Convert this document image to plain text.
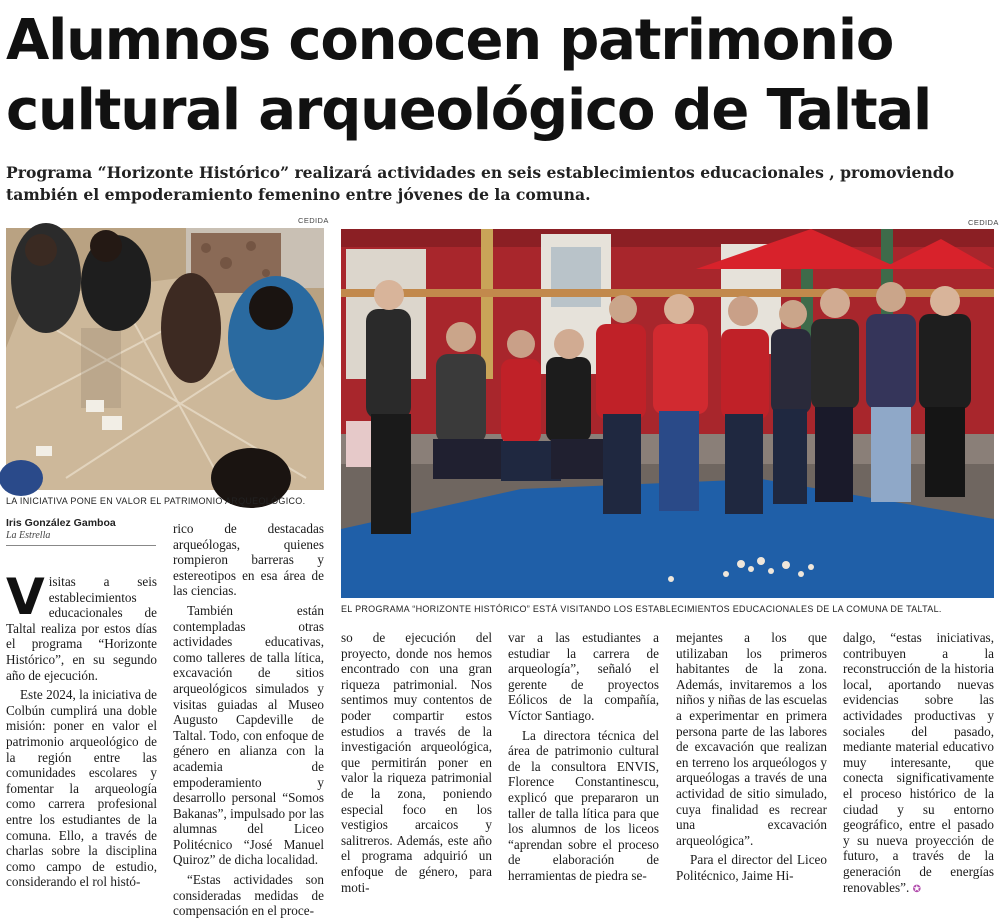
Alumnos conocen patrimonio
cultural arqueológico de Taltal
Programa “Horizonte Histórico” realizará actividades en seis establecimientos educacionales , promoviendo también el empoderamiento femenino entre jóvenes de la comuna.
CEDIDA
LA INICIATIVA PONE EN VALOR EL PATRIMONIO ARQUEOLÓGICO.
CEDIDA
EL PROGRAMA “HORIZONTE HISTÓRICO” ESTÁ VISITANDO LOS ESTABLECIMIENTOS EDUCACIONALES DE LA COMUNA DE TALTAL.
Iris González Gamboa
La Estrella

Visitas a seis establecimientos educacionales de Taltal realiza por estos días el programa “Horizonte Histórico”, en su segundo año de ejecución.

Este 2024, la iniciativa de Colbún cumplirá una doble misión: poner en valor el patrimonio arqueológico de la región entre las comunidades escolares y fomentar la arqueología como carrera profesional entre los estudiantes de la comuna. Ello, a través de charlas sobre la disciplina como campo de estudio, considerando el rol histó-

rico de destacadas arqueólogas, quienes rompieron barreras y estereotipos en esa área de las ciencias.

También están contempladas otras actividades educativas, como talleres de talla lítica, excavación de sitios arqueológicos simulados y visitas guiadas al Museo Augusto Capdeville de Taltal. Todo, con enfoque de género en alianza con la academia de empoderamiento y desarrollo personal “Somos Bakanas”, impulsado por las alumnas del Liceo Politécnico “José Manuel Quiroz” de dicha localidad.

“Estas actividades son consideradas medidas de compensación en el proce-

so de ejecución del proyecto, donde nos hemos encontrado con una gran riqueza patrimonial. Nos sentimos muy contentos de poder compartir estos estudios a través de la investigación arqueológica, que permitirán poner en valor la riqueza patrimonial de la zona, poniendo especial foco en los vestigios arcaicos y salitreros. Además, este año el programa adquirió un enfoque de género, para moti-

var a las estudiantes a estudiar la carrera de arqueología”, señaló el gerente de proyectos Eólicos de la compañía, Víctor Santiago.

La directora técnica del área de patrimonio cultural de la consultora ENVIS, Florence Constantinescu, explicó que prepararon un taller de talla lítica para que los alumnos de los liceos “aprendan sobre el proceso de elaboración de herramientas de piedra se-

mejantes a los que utilizaban los primeros habitantes de la zona. Además, invitaremos a los niños y niñas de las escuelas a experimentar en primera persona parte de las labores de excavación que realizan en terreno los arqueólogos y arqueólogas a través de una actividad de sitio simulado, cuya finalidad es recrear una excavación arqueológica”.

Para el director del Liceo Politécnico, Jaime Hi-

dalgo, “estas iniciativas, contribuyen a la reconstrucción de la historia local, aportando nuevas evidencias sobre las actividades productivas y sociales del pasado, mediante material educativo muy interesante, que conecta significativamente el proceso histórico de la ciudad y su entorno geográfico, entre el pasado y su nueva proyección de futuro, a través de la generación de energías renovables”. ✪
